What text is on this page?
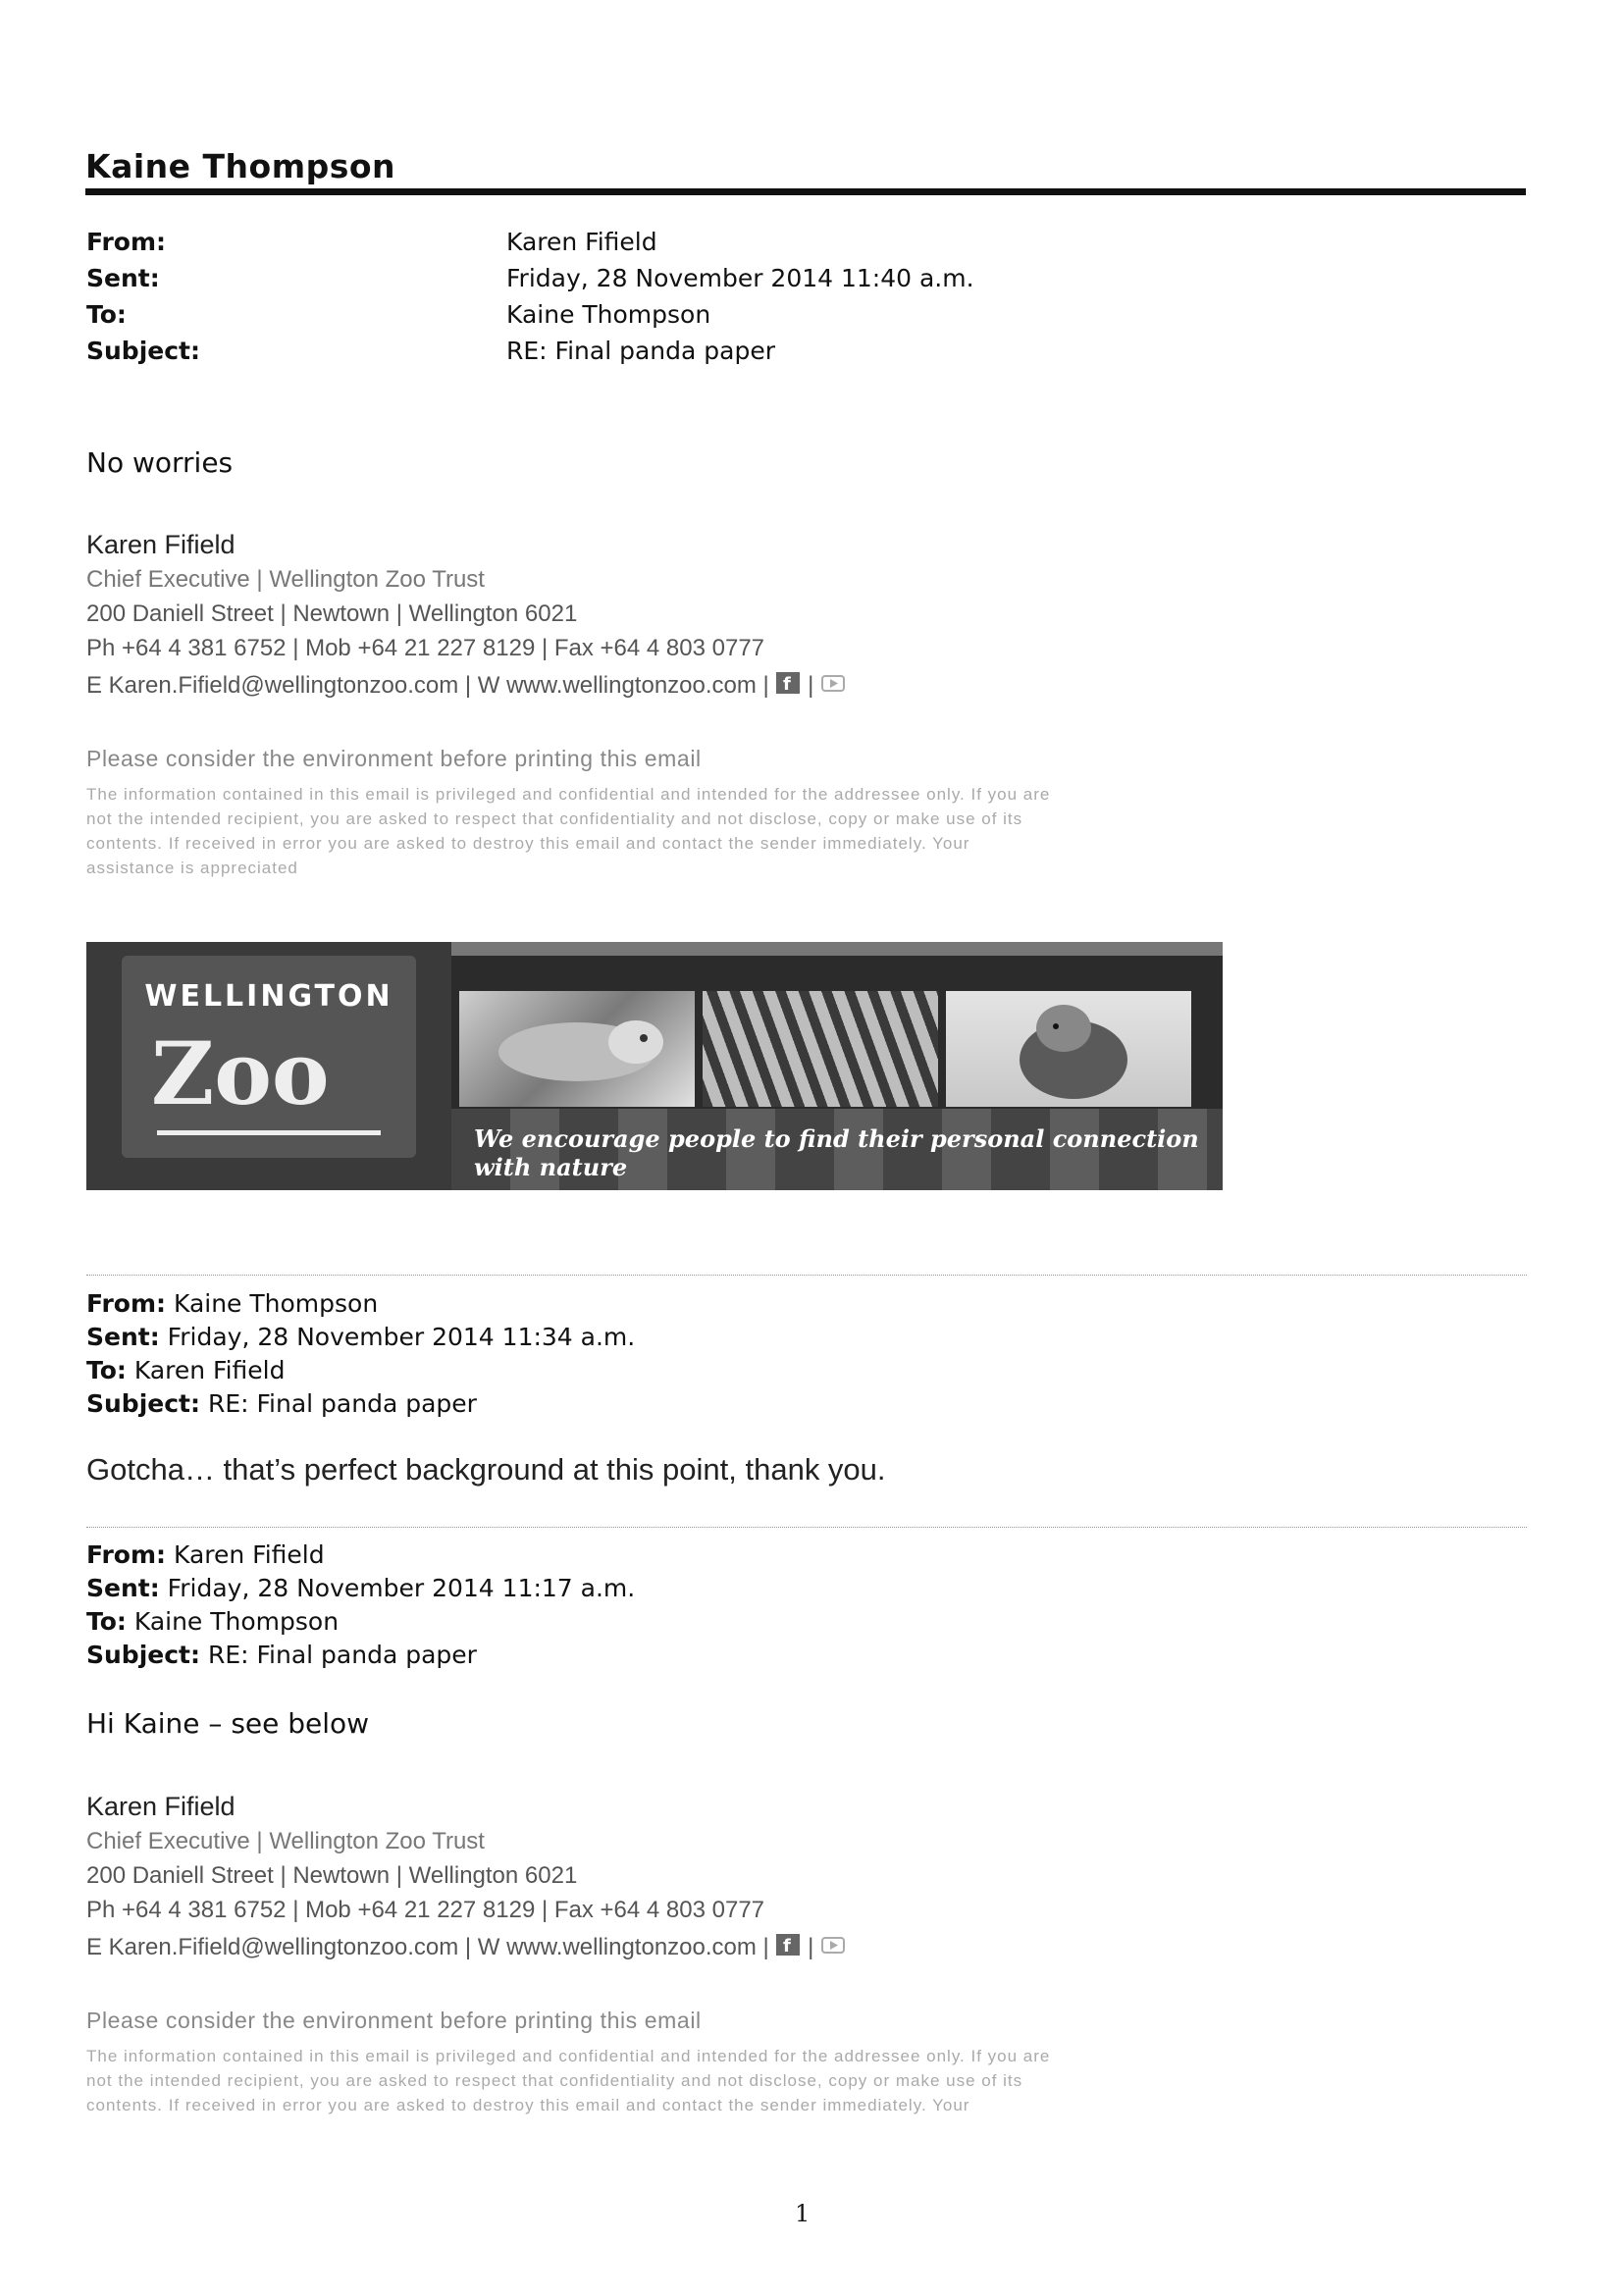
Kaine Thompson
From:	Karen Fifield
Sent:	Friday, 28 November 2014 11:40 a.m.
To:	Kaine Thompson
Subject:	RE: Final panda paper
No worries
Karen Fifield
Chief Executive | Wellington Zoo Trust
200 Daniell Street | Newtown | Wellington 6021
Ph +64 4 381 6752 | Mob +64 21 227 8129 | Fax +64 4 803 0777
E Karen.Fifield@wellingtonzoo.com | W www.wellingtonzoo.com | f |
Please consider the environment before printing this email
The information contained in this email is privileged and confidential and intended for the addressee only. If you are
not the intended recipient, you are asked to respect that confidentiality and not disclose, copy or make use of its
contents. If received in error you are asked to destroy this email and contact the sender immediately. Your
assistance is appreciated
WELLINGTON
Zoo
We encourage people to find their personal connection with nature
From: Kaine Thompson
Sent: Friday, 28 November 2014 11:34 a.m.
To: Karen Fifield
Subject: RE: Final panda paper
Gotcha… that’s perfect background at this point, thank you.
From: Karen Fifield
Sent: Friday, 28 November 2014 11:17 a.m.
To: Kaine Thompson
Subject: RE: Final panda paper
Hi Kaine – see below
Karen Fifield
Chief Executive | Wellington Zoo Trust
200 Daniell Street | Newtown | Wellington 6021
Ph +64 4 381 6752 | Mob +64 21 227 8129 | Fax +64 4 803 0777
E Karen.Fifield@wellingtonzoo.com | W www.wellingtonzoo.com | f |
Please consider the environment before printing this email
The information contained in this email is privileged and confidential and intended for the addressee only. If you are
not the intended recipient, you are asked to respect that confidentiality and not disclose, copy or make use of its
contents. If received in error you are asked to destroy this email and contact the sender immediately. Your
1
